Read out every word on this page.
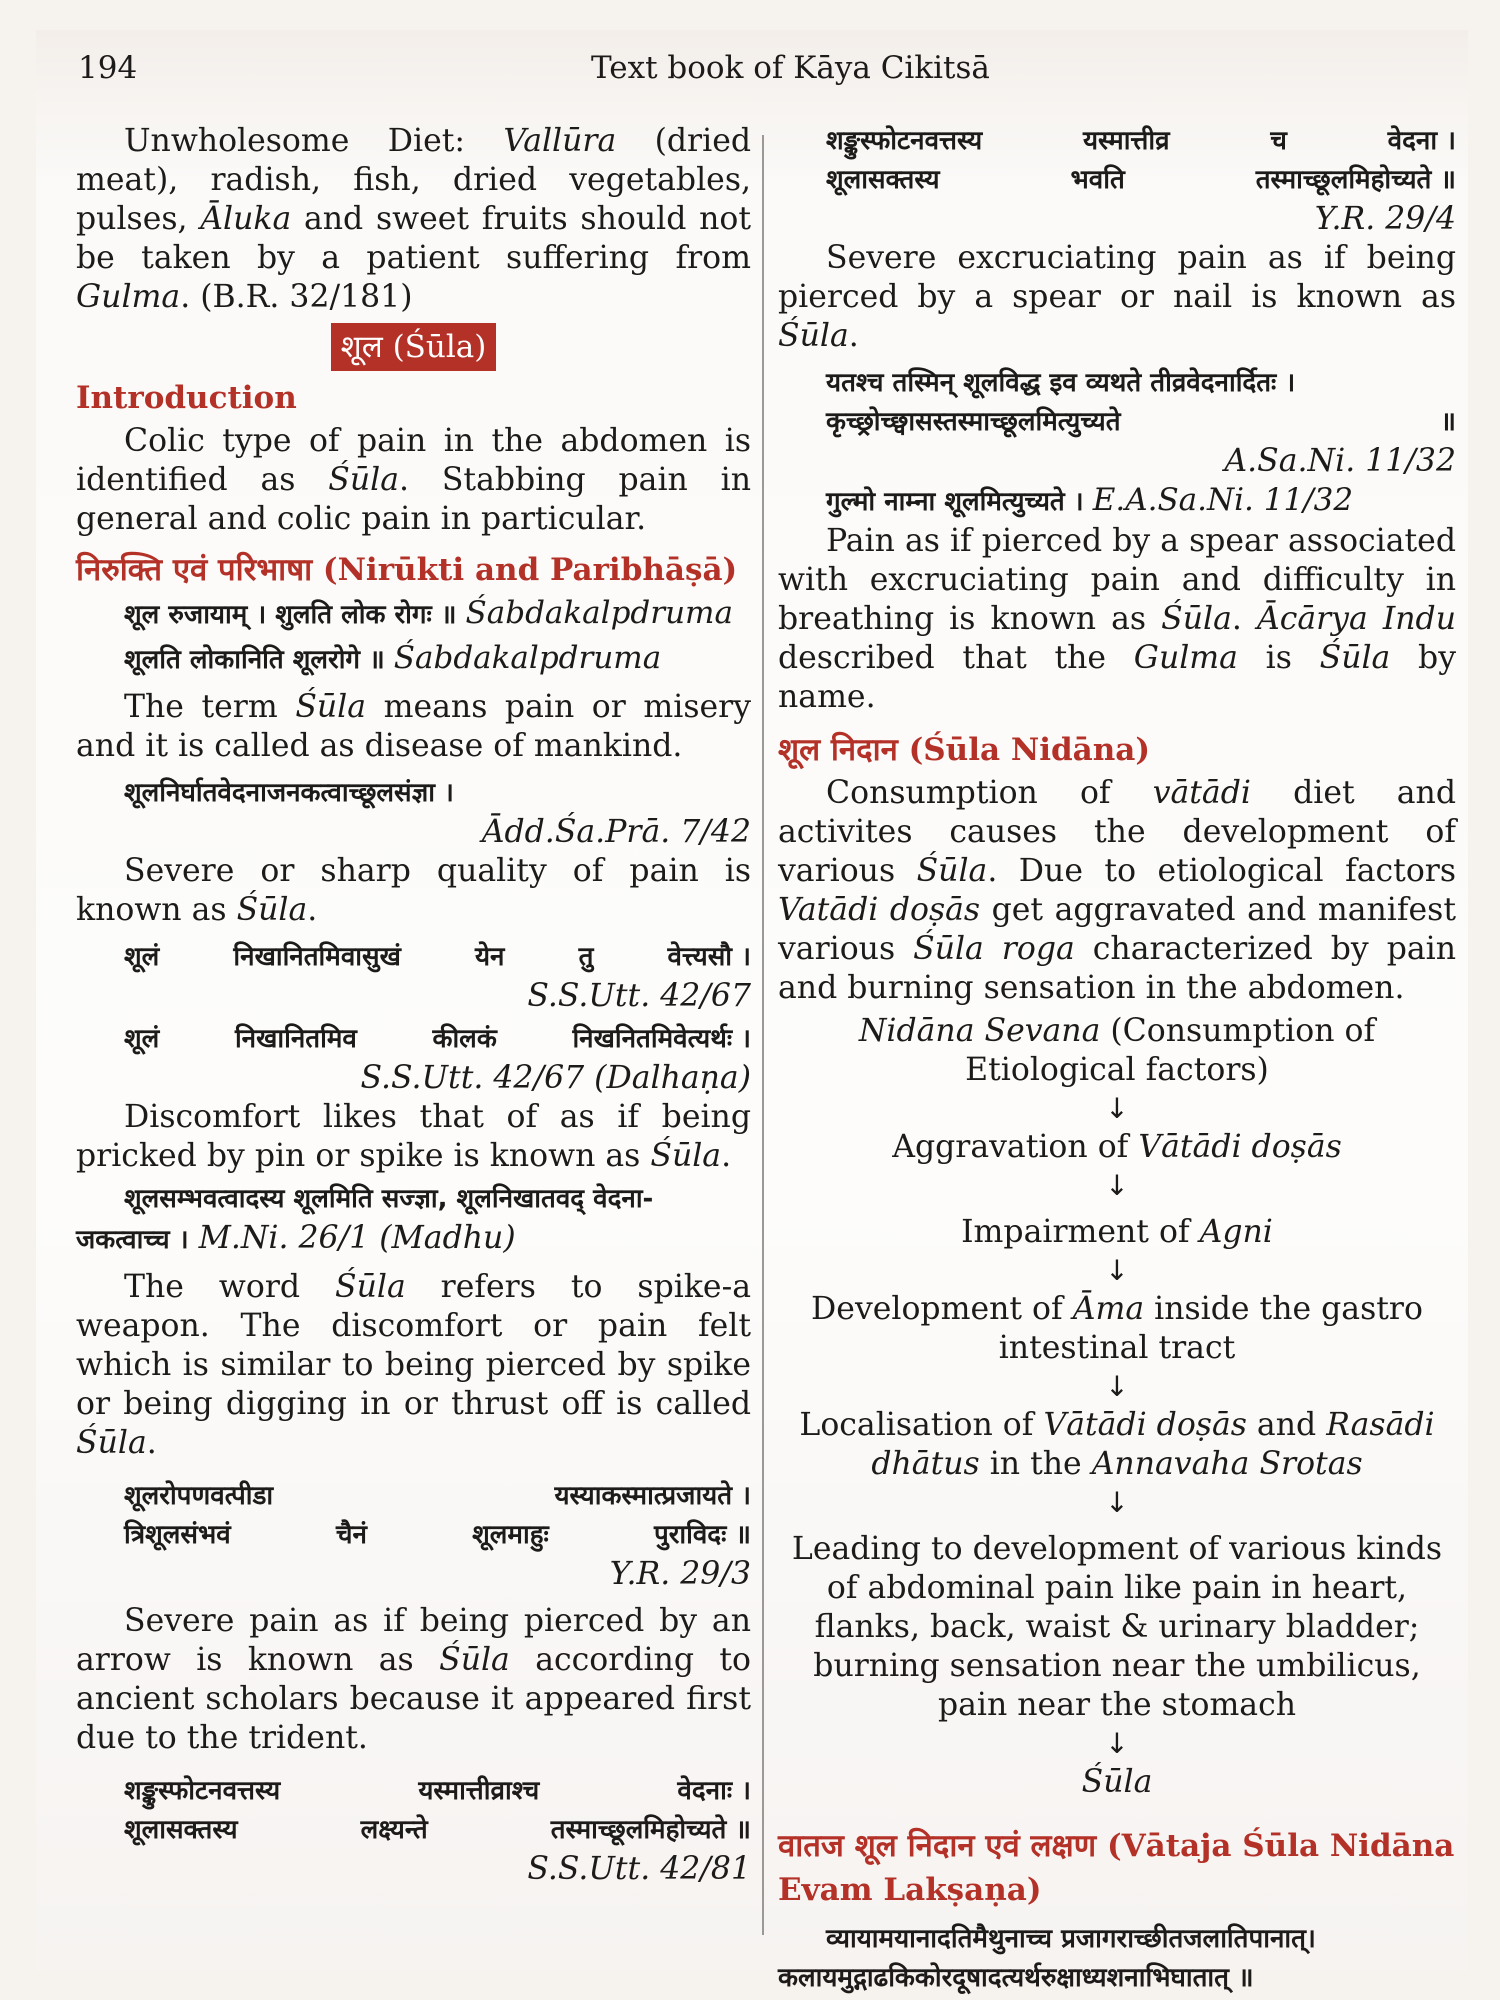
194	Text book of Kāya Cikitsā

Unwholesome Diet: Vallūra (dried meat), radish, fish, dried vegetables, pulses, Āluka and sweet fruits should not be taken by a patient suffering from Gulma. (B.R. 32/181)

शूल (Śūla)
Introduction

Colic type of pain in the abdomen is identified as Śūla. Stabbing pain in general and colic pain in particular.

निरुक्ति एवं परिभाषा (Nirūkti and Paribhāṣā)
शूल रुजायाम् । शुलति लोक रोगः ॥ Śabdakalpdruma
शूलति लोकानिति शूलरोगे ॥ Śabdakalpdruma

The term Śūla means pain or misery and it is called as disease of mankind.

शूलनिर्घातवेदनाजनकत्वाच्छूलसंज्ञा ।
Ādd.Śa.Prā. 7/42

Severe or sharp quality of pain is known as Śūla.

शूलं	निखानितमिवासुखं	येन	तु	वेत्त्यसौ ।
S.S.Utt. 42/67
शूलं	निखानितमिव	कीलकं	निखनितमिवेत्यर्थः ।
S.S.Utt. 42/67 (Dalhaṇa)

Discomfort likes that of as if being pricked by pin or spike is known as Śūla.

शूलसम्भवत्वादस्य शूलमिति सज्ज्ञा, शूलनिखातवद् वेदना-
जकत्वाच्च । M.Ni. 26/1 (Madhu)

The word Śūla refers to spike-a weapon. The discomfort or pain felt which is similar to being pierced by spike or being digging in or thrust off is called Śūla.

शूलरोपणवत्पीडा	यस्याकस्मात्प्रजायते ।
त्रिशूलसंभवं	चैनं	शूलमाहुः	पुराविदः ॥
Y.R. 29/3

Severe pain as if being pierced by an arrow is known as Śūla according to ancient scholars because it appeared first due to the trident.

शङ्कुस्फोटनवत्तस्य	यस्मात्तीव्राश्च	वेदनाः ।
शूलासक्तस्य	लक्ष्यन्ते	तस्माच्छूलमिहोच्यते ॥
S.S.Utt. 42/81
शङ्कुस्फोटनवत्तस्य	यस्मात्तीव्र	च	वेदना ।
शूलासक्तस्य	भवति	तस्माच्छूलमिहोच्यते ॥
Y.R. 29/4

Severe excruciating pain as if being pierced by a spear or nail is known as Śūla.

यतश्च तस्मिन् शूलविद्ध इव व्यथते तीव्रवेदनार्दितः ।
कृच्छ्रोच्छ्वासस्तस्माच्छूलमित्युच्यते	॥
A.Sa.Ni. 11/32
गुल्मो नाम्ना शूलमित्युच्यते । E.A.Sa.Ni. 11/32

Pain as if pierced by a spear associated with excruciating pain and difficulty in breathing is known as Śūla. Ācārya Indu described that the Gulma is Śūla by name.

शूल निदान (Śūla Nidāna)

Consumption of vātādi diet and activites causes the development of various Śūla. Due to etiological factors Vatādi doṣās get aggravated and manifest various Śūla roga characterized by pain and burning sensation in the abdomen.

Nidāna Sevana (Consumption of Etiological factors)
↓
Aggravation of Vātādi doṣās
↓
Impairment of Agni
↓
Development of Āma inside the gastro intestinal tract
↓
Localisation of Vātādi doṣās and Rasādi dhātus in the Annavaha Srotas
↓
Leading to development of various kinds of abdominal pain like pain in heart, flanks, back, waist & urinary bladder; burning sensation near the umbilicus, pain near the stomach
↓
Śūla
वातज शूल निदान एवं लक्षण (Vātaja Śūla Nidāna Evam Lakṣaṇa)
व्यायामयानादतिमैथुनाच्च प्रजागराच्छीतजलातिपानात्।
कलायमुद्गाढकिकोरदूषादत्यर्थरुक्षाध्यशनाभिघातात् ॥
